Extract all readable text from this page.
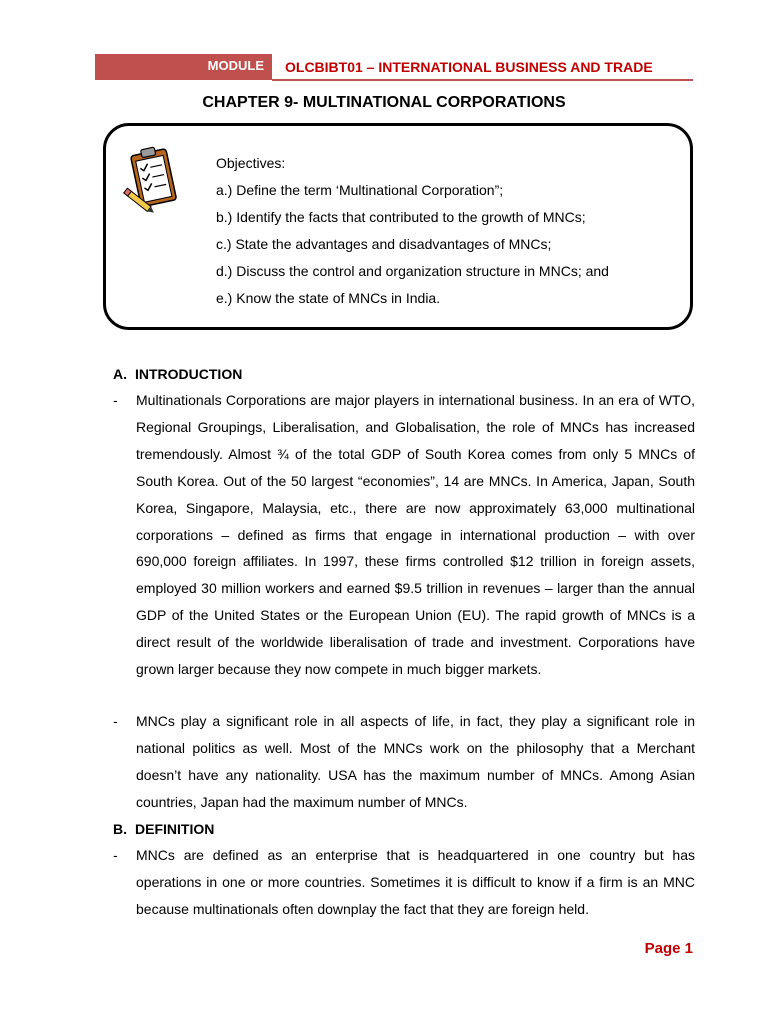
MODULE	OLCBIBT01 – INTERNATIONAL BUSINESS AND TRADE
CHAPTER 9- MULTINATIONAL CORPORATIONS
Objectives:
a.) Define the term ‘Multinational Corporation”;
b.) Identify the facts that contributed to the growth of MNCs;
c.) State the advantages and disadvantages of MNCs;
d.) Discuss the control and organization structure in MNCs; and
e.) Know the state of MNCs in India.
A. INTRODUCTION
- Multinationals Corporations are major players in international business. In an era of WTO, Regional Groupings, Liberalisation, and Globalisation, the role of MNCs has increased tremendously. Almost ¾ of the total GDP of South Korea comes from only 5 MNCs of South Korea. Out of the 50 largest “economies”, 14 are MNCs. In America, Japan, South Korea, Singapore, Malaysia, etc., there are now approximately 63,000 multinational corporations – defined as firms that engage in international production – with over 690,000 foreign affiliates. In 1997, these firms controlled $12 trillion in foreign assets, employed 30 million workers and earned $9.5 trillion in revenues – larger than the annual GDP of the United States or the European Union (EU). The rapid growth of MNCs is a direct result of the worldwide liberalisation of trade and investment. Corporations have grown larger because they now compete in much bigger markets.
- MNCs play a significant role in all aspects of life, in fact, they play a significant role in national politics as well. Most of the MNCs work on the philosophy that a Merchant doesn’t have any nationality. USA has the maximum number of MNCs. Among Asian countries, Japan had the maximum number of MNCs.
B. DEFINITION
- MNCs are defined as an enterprise that is headquartered in one country but has operations in one or more countries. Sometimes it is difficult to know if a firm is an MNC because multinationals often downplay the fact that they are foreign held.
Page 1
